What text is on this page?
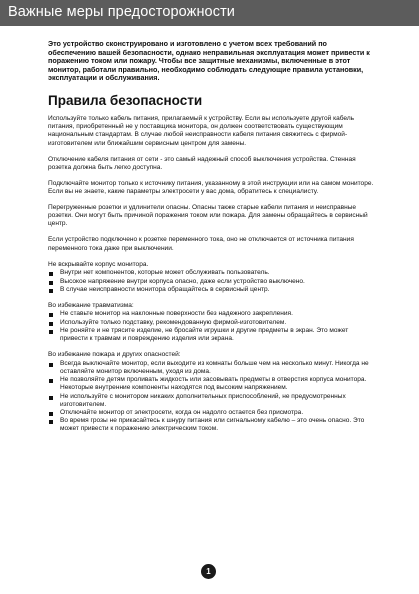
Важные меры предосторожности

Это устройство сконструировано и изготовлено с учетом всех требований по обеспечению вашей безопасности, однако неправильная эксплуатация может привести к поражению током или пожару. Чтобы все защитные механизмы, включенные в этот монитор, работали правильно, необходимо соблюдать следующие правила установки, эксплуатации и обслуживания.

Правила безопасности

Используйте только кабель питания, прилагаемый к устройству. Если вы используете другой кабель питания, приобретенный не у поставщика монитора, он должен соответствовать существующим национальным стандартам. В случае любой неисправности кабеля питания свяжитесь с фирмой-изготовителем или ближайшим сервисным центром для замены.

Отключение кабеля питания от сети - это самый надежный способ выключения устройства. Стенная розетка должна быть легко доступна.

Подключайте монитор только к источнику питания, указанному в этой инструкции или на самом мониторе. Если вы не знаете, какие параметры электросети у вас дома, обратитесь к специалисту.

Перегруженные розетки и удлинители опасны. Опасны также старые кабели питания и неисправные розетки. Они могут быть причиной поражения током или пожара. Для замены обращайтесь в сервисный центр.

Если устройство подключено к розетке переменного тока, оно не отключается от источника питания переменного тока даже при выключении.

Не вскрывайте корпус монитора.

Внутри нет компонентов, которые может обслуживать пользователь.
Высокое напряжение внутри корпуса опасно, даже если устройство выключено.
В случае неисправности монитора обращайтесь в сервисный центр.

Во избежание травматизма:

Не ставьте монитор на наклонные поверхности без надежного закрепления.
Используйте только подставку, рекомендованную фирмой-изготовителем.
Не роняйте и не трясите изделие, не бросайте игрушки и другие предметы в экран. Это может привести к травмам и повреждению изделия или экрана.

Во избежание пожара и других опасностей:

Всегда выключайте монитор, если выходите из комнаты больше чем на несколько минут. Никогда не оставляйте монитор включенным, уходя из дома.
Не позволяйте детям проливать жидкость или засовывать предметы в отверстия корпуса монитора. Некоторые внутренние компоненты находятся под высоким напряжением.
Не используйте с монитором никаких дополнительных приспособлений, не предусмотренных изготовителем.
Отключайте монитор от электросети, когда он надолго остается без присмотра.
Во время грозы не прикасайтесь к шнуру питания или сигнальному кабелю – это очень опасно. Это может привести к поражению электрическим током.
1
